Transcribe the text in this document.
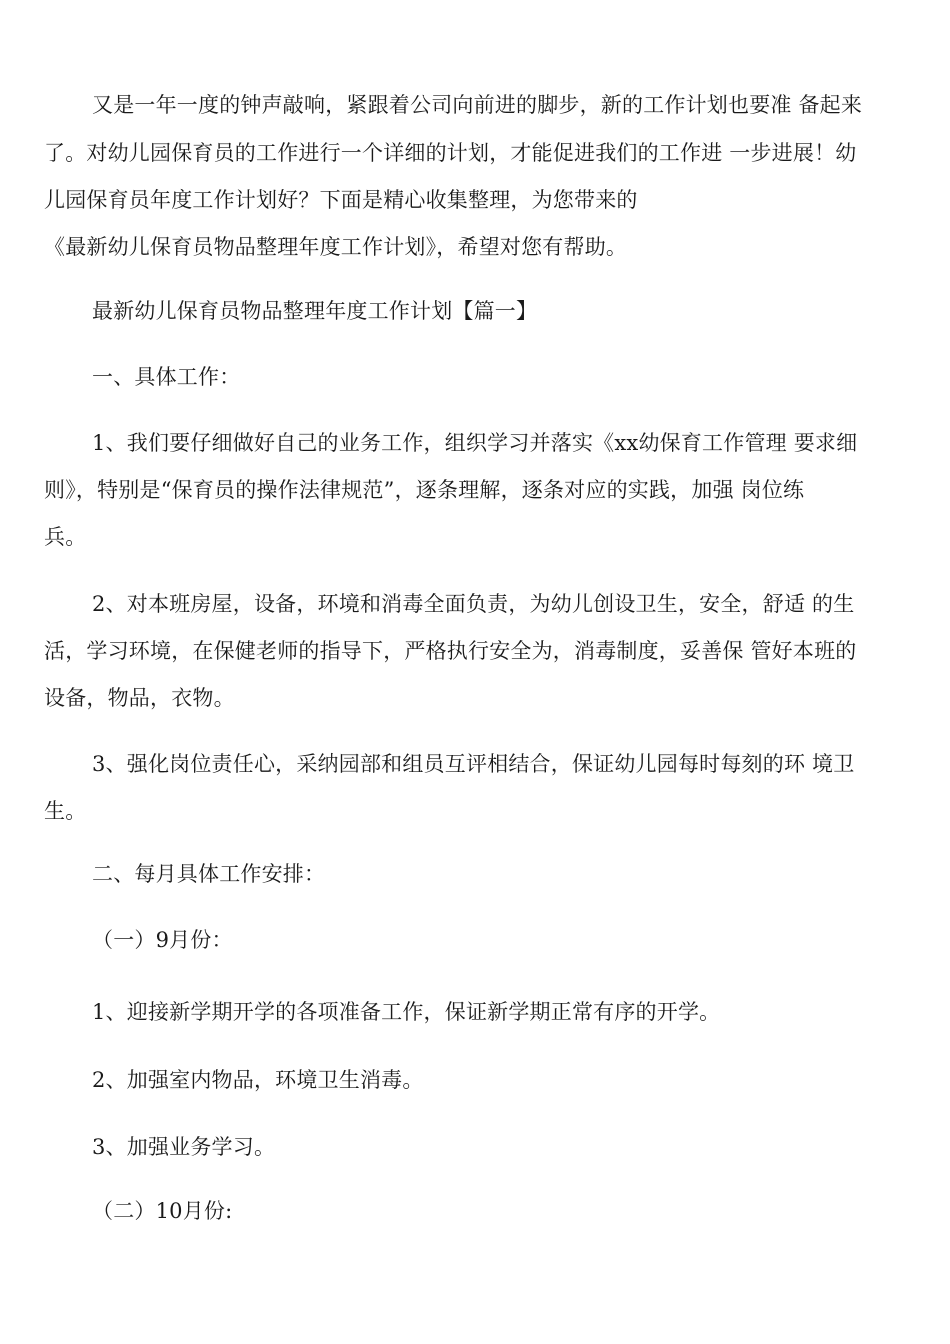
又是一年一度的钟声敲响，紧跟着公司向前进的脚步，新的工作计划也要准 备起来
了。对幼儿园保育员的工作进行一个详细的计划，才能促进我们的工作进 一步进展！幼
儿园保育员年度工作计划好？下面是精心收集整理，为您带来的
《最新幼儿保育员物品整理年度工作计划》，希望对您有帮助。
最新幼儿保育员物品整理年度工作计划【篇一】
一、具体工作：
1、我们要仔细做好自己的业务工作，组织学习并落实《xx幼保育工作管理 要求细
则》，特别是“保育员的操作法律规范”，逐条理解，逐条对应的实践，加强 岗位练
兵。
2、对本班房屋，设备，环境和消毒全面负责，为幼儿创设卫生，安全，舒适 的生
活，学习环境，在保健老师的指导下，严格执行安全为，消毒制度，妥善保 管好本班的
设备，物品，衣物。
3、强化岗位责任心，采纳园部和组员互评相结合，保证幼儿园每时每刻的环 境卫
生。
二、每月具体工作安排：
（一）9月份：
1、迎接新学期开学的各项准备工作，保证新学期正常有序的开学。
2、加强室内物品，环境卫生消毒。
3、加强业务学习。
（二）10月份:
